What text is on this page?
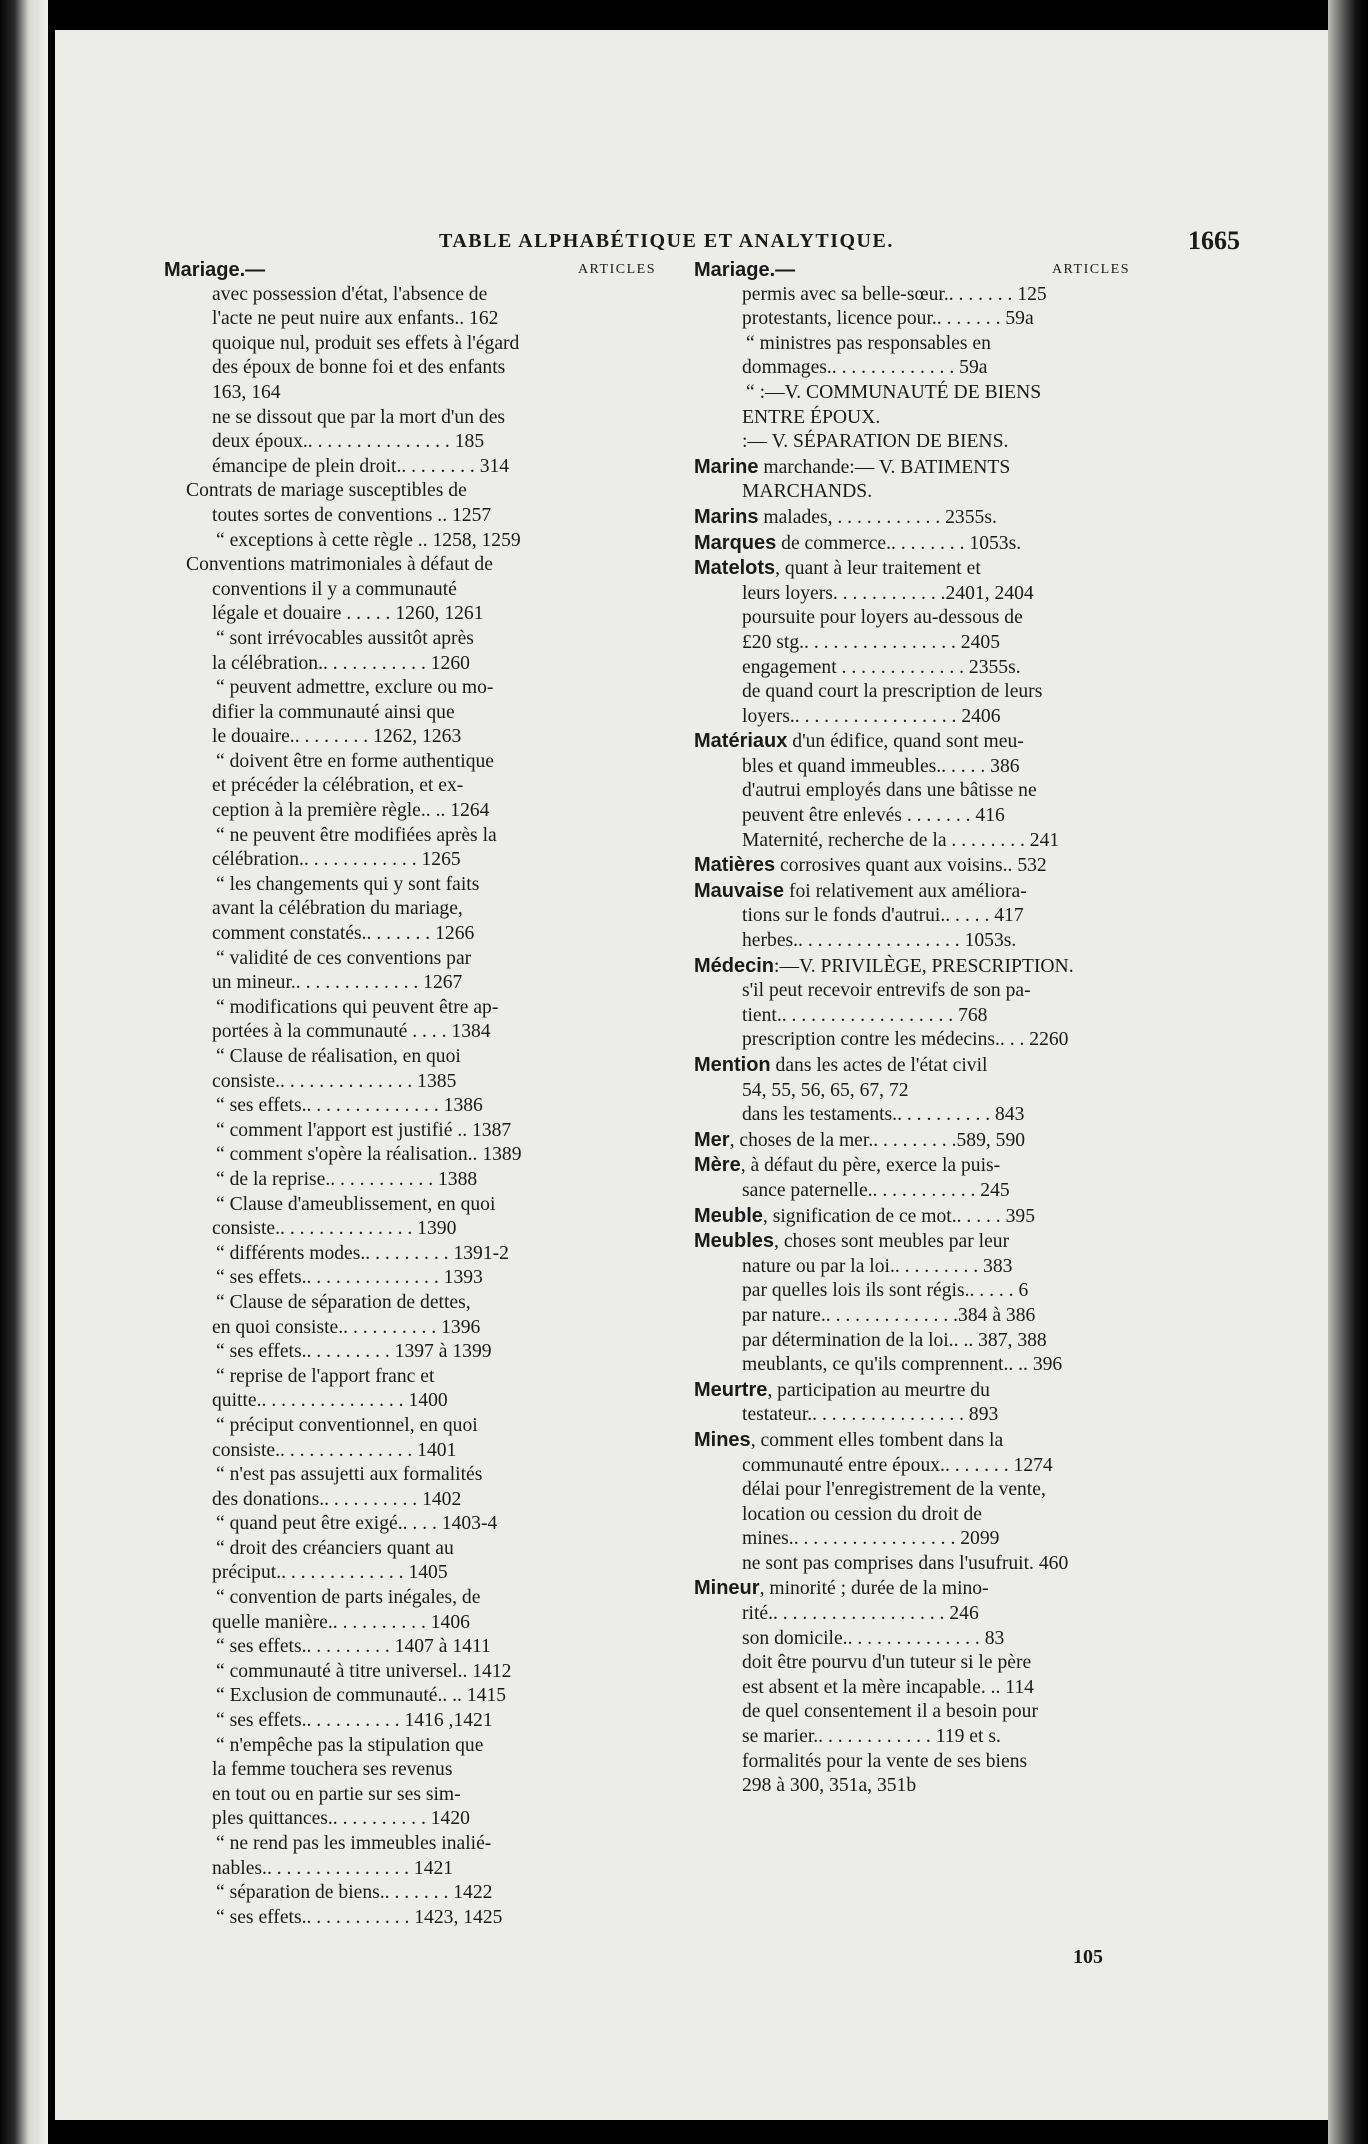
TABLE ALPHABÉTIQUE ET ANALYTIQUE.	1665
Mariage.—	ARTICLES
avec possession d'état, l'absence de
l'acte ne peut nuire aux enfants.. 162
quoique nul, produit ses effets à l'égard
des époux de bonne foi et des enfants
163, 164
ne se dissout que par la mort d'un des
deux époux.. . . . . . . . . . . . . . . 185
émancipe de plein droit.. . . . . . . . 314
Contrats de mariage susceptibles de
toutes sortes de conventions .. 1257
“ exceptions à cette règle .. 1258, 1259
Conventions matrimoniales à défaut de
conventions il y a communauté
légale et douaire . . . . . 1260, 1261
“ sont irrévocables aussitôt après
la célébration.. . . . . . . . . . . 1260
“ peuvent admettre, exclure ou mo-
difier la communauté ainsi que
le douaire.. . . . . . . . 1262, 1263
“ doivent être en forme authentique
et précéder la célébration, et ex-
ception à la première règle.. .. 1264
“ ne peuvent être modifiées après la
célébration.. . . . . . . . . . . . 1265
“ les changements qui y sont faits
avant la célébration du mariage,
comment constatés.. . . . . . . 1266
“ validité de ces conventions par
un mineur.. . . . . . . . . . . . . 1267
“ modifications qui peuvent être ap-
portées à la communauté . . . . 1384
“ Clause de réalisation, en quoi
consiste.. . . . . . . . . . . . . . 1385
“ ses effets.. . . . . . . . . . . . . . 1386
“ comment l'apport est justifié .. 1387
“ comment s'opère la réalisation.. 1389
“ de la reprise.. . . . . . . . . . . 1388
“ Clause d'ameublissement, en quoi
consiste.. . . . . . . . . . . . . . 1390
“ différents modes.. . . . . . . . . 1391-2
“ ses effets.. . . . . . . . . . . . . . 1393
“ Clause de séparation de dettes,
en quoi consiste.. . . . . . . . . . 1396
“ ses effets.. . . . . . . . . 1397 à 1399
“ reprise de l'apport franc et
quitte.. . . . . . . . . . . . . . . 1400
“ préciput conventionnel, en quoi
consiste.. . . . . . . . . . . . . . 1401
“ n'est pas assujetti aux formalités
des donations.. . . . . . . . . . 1402
“ quand peut être exigé.. . . . 1403-4
“ droit des créanciers quant au
préciput.. . . . . . . . . . . . . 1405
“ convention de parts inégales, de
quelle manière.. . . . . . . . . . 1406
“ ses effets.. . . . . . . . . 1407 à 1411
“ communauté à titre universel.. 1412
“ Exclusion de communauté.. .. 1415
“ ses effets.. . . . . . . . . . 1416 ,1421
“ n'empêche pas la stipulation que
la femme touchera ses revenus
en tout ou en partie sur ses sim-
ples quittances.. . . . . . . . . . 1420
“ ne rend pas les immeubles inalié-
nables.. . . . . . . . . . . . . . . 1421
“ séparation de biens.. . . . . . . 1422
“ ses effets.. . . . . . . . . . . 1423, 1425
Mariage.—	ARTICLES
permis avec sa belle-sœur.. . . . . . . 125
protestants, licence pour.. . . . . . . 59a
“ ministres pas responsables en
dommages.. . . . . . . . . . . . . 59a
“ :—V. COMMUNAUTÉ DE BIENS
ENTRE ÉPOUX.
:— V. SÉPARATION DE BIENS.
Marine marchande:— V. BATIMENTS
MARCHANDS.
Marins malades, . . . . . . . . . . . 2355s.
Marques de commerce.. . . . . . . . 1053s.
Matelots, quant à leur traitement et
leurs loyers. . . . . . . . . . . .2401, 2404
poursuite pour loyers au-dessous de
£20 stg.. . . . . . . . . . . . . . . . 2405
engagement . . . . . . . . . . . . . 2355s.
de quand court la prescription de leurs
loyers.. . . . . . . . . . . . . . . . . 2406
Matériaux d'un édifice, quand sont meu-
bles et quand immeubles.. . . . . 386
d'autrui employés dans une bâtisse ne
peuvent être enlevés . . . . . . . 416
Maternité, recherche de la . . . . . . . . 241
Matières corrosives quant aux voisins.. 532
Mauvaise foi relativement aux améliora-
tions sur le fonds d'autrui.. . . . . 417
herbes.. . . . . . . . . . . . . . . . . 1053s.
Médecin:—V. PRIVILÈGE, PRESCRIPTION.
s'il peut recevoir entrevifs de son pa-
tient.. . . . . . . . . . . . . . . . . . 768
prescription contre les médecins.. . . 2260
Mention dans les actes de l'état civil
54, 55, 56, 65, 67, 72
dans les testaments.. . . . . . . . . . 843
Mer, choses de la mer.. . . . . . . . .589, 590
Mère, à défaut du père, exerce la puis-
sance paternelle.. . . . . . . . . . . 245
Meuble, signification de ce mot.. . . . . 395
Meubles, choses sont meubles par leur
nature ou par la loi.. . . . . . . . . 383
par quelles lois ils sont régis.. . . . . 6
par nature.. . . . . . . . . . . . . .384 à 386
par détermination de la loi.. .. 387, 388
meublants, ce qu'ils comprennent.. .. 396
Meurtre, participation au meurtre du
testateur.. . . . . . . . . . . . . . . . 893
Mines, comment elles tombent dans la
communauté entre époux.. . . . . . . 1274
délai pour l'enregistrement de la vente,
location ou cession du droit de
mines.. . . . . . . . . . . . . . . . . 2099
ne sont pas comprises dans l'usufruit. 460
Mineur, minorité ; durée de la mino-
rité.. . . . . . . . . . . . . . . . . . 246
son domicile.. . . . . . . . . . . . . . 83
doit être pourvu d'un tuteur si le père
est absent et la mère incapable. .. 114
de quel consentement il a besoin pour
se marier.. . . . . . . . . . . . 119 et s.
formalités pour la vente de ses biens
298 à 300, 351a, 351b
105
